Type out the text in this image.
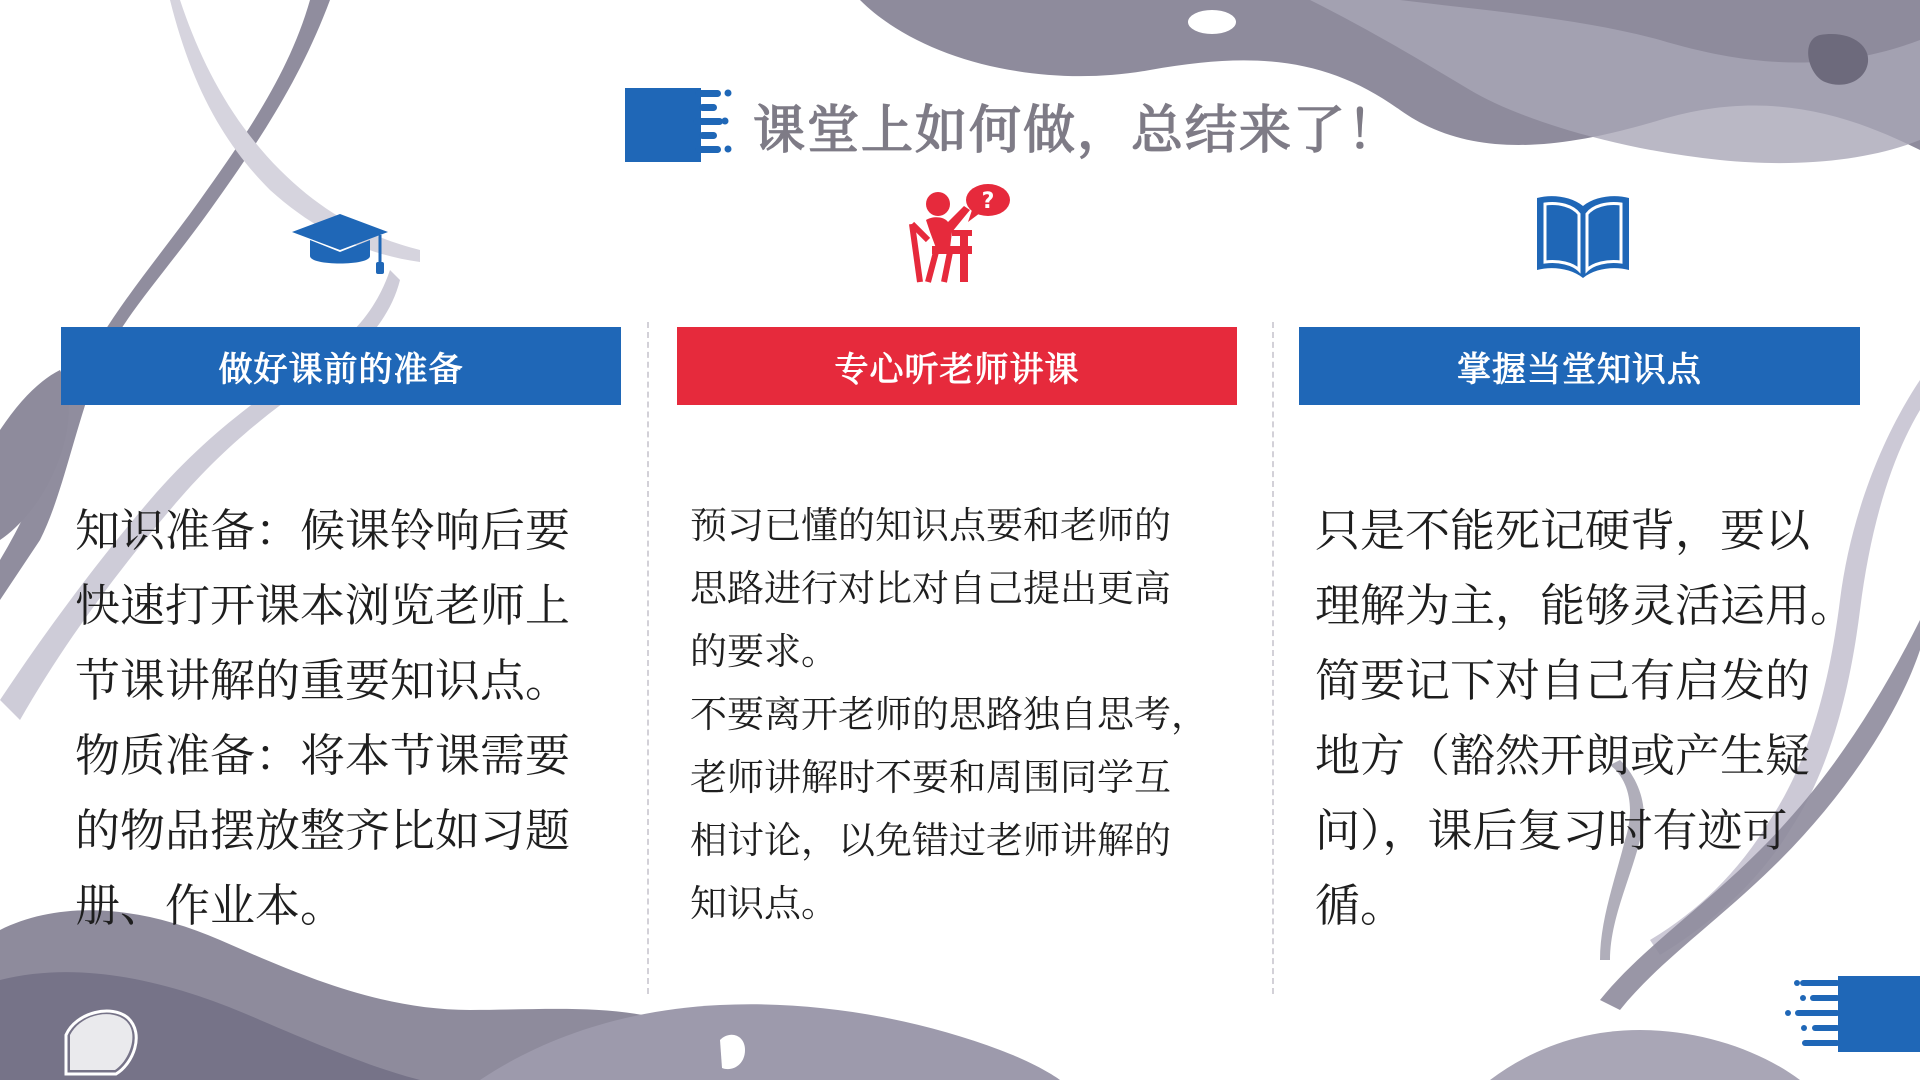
课堂上如何做，总结来了！
?
做好课前的准备	专心听老师讲课	掌握当堂知识点
知识准备：候课铃响后要
快速打开课本浏览老师上
节课讲解的重要知识点。
物质准备：将本节课需要
的物品摆放整齐比如习题
册、作业本。
预习已懂的知识点要和老师的
思路进行对比对自己提出更高
的要求。
不要离开老师的思路独自思考，
老师讲解时不要和周围同学互
相讨论，以免错过老师讲解的
知识点。
只是不能死记硬背，要以
理解为主，能够灵活运用。
简要记下对自己有启发的
地方（豁然开朗或产生疑
问），课后复习时有迹可
循。
